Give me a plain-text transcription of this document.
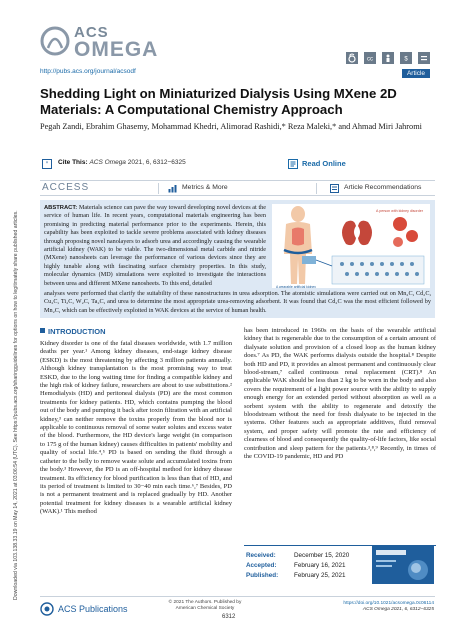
ACS
OMEGA	cc	$
http://pubs.acs.org/journal/acsodf	Article
Downloaded via 103.138.33.19 on May 14, 2021 at 03:06:54 (UTC). See https://pubs.acs.org/sharingguidelines for options on how to legitimately share published articles.
Shedding Light on Miniaturized Dialysis Using MXene 2D Materials: A Computational Chemistry Approach
Pegah Zandi, Ebrahim Ghasemy, Mohammad Khedri, Alimorad Rashidi,* Reza Maleki,* and Ahmad Miri Jahromi
" Cite This: ACS Omega 2021, 6, 6312−6325	Read Online
ACCESS	Metrics & More	Article Recommendations
ABSTRACT: Materials science can pave the way toward developing novel devices at the service of human life. In recent years, computational materials engineering has been promising in predicting material performance prior to the experiments. Herein, this capability has been exploited to tackle severe problems associated with kidney diseases through proposing novel nanolayers to adsorb urea and accordingly causing the wearable artificial kidney (WAK) to be viable. The two-dimensional metal carbide and nitride (MXene) nanosheets can leverage the performance of various devices since they are highly tunable along with fascinating surface chemistry properties. In this study, molecular dynamics (MD) simulations were exploited to investigate the interactions between urea and different MXene nanosheets. To this end, detailed
A person with kidney disorder
A wearable artificial kidney
analyses were performed that clarify the suitability of these nanostructures in urea adsorption. The atomistic simulations were carried out on Mn₂C, Cd₂C, Cu₂C, Ti₂C, W₂C, Ta₂C, and urea to determine the most appropriate urea-removing adsorbent. It was found that Cd₂C was the most efficient followed by Mn₂C, which can be effectively exploited in WAK devices at the service of human health.
INTRODUCTION
Kidney disorder is one of the fatal diseases worldwide, with 1.7 million deaths per year.¹ Among kidney diseases, end-stage kidney disease (ESKD) is the most threatening by affecting 3 million patients annually. Although kidney transplantation is the most promising way to treat ESKD, due to the long waiting time for finding a compatible kidney and the high risk of kidney failure, researchers are about to use substitutions.² Hemodialysis (HD) and peritoneal dialysis (PD) are the most common treatments for kidney patients. HD, which contains pumping the blood out of the body and pumping it back after toxin filtration with an artificial kidney,³ can neither remove the toxins properly from the blood nor is applicable to continuous removal of some water solutes and excess water of the blood. Furthermore, the HD device's large weight (in comparison to 175 g of the human kidney) causes difficulties in patients' mobility and quality of social life.⁴,⁵ PD is based on sending the fluid through a catheter to the belly to remove waste solute and accumulated toxins from the body.³ However, the PD is an off-hospital method for kidney disease treatment. Its efficiency for blood purification is less than that of HD, and its period of treatment is limited to 30−40 min each time.⁶,⁷ Besides, PD is not a permanent treatment and is replaced gradually by HD. Another potential treatment for kidney diseases is a wearable artificial kidney (WAK).¹ This method
has been introduced in 1960s on the basis of the wearable artificial kidney that is regenerable due to the consumption of a certain amount of dialysate solution and provision of a closed loop as the human kidney does.⁷ As PD, the WAK performs dialysis outside the hospital.⁸ Despite both HD and PD, it provides an almost permanent and continuously clear blood-stream,⁷ called continuous renal replacement (CRT).⁸ An applicable WAK should be less than 2 kg to be worn in the body and also covers the requirement of a light power source with the ability to supply enough energy for an extended period without absorption as well as a sorbent system with the ability to regenerate and detoxify the bloodstream without the need for fresh dialysate to be injected in the systems. Other features such as appropriate additives, fluid removal system, and proper safety will promote the rate and efficiency of clearness of blood and consequently the quality-of-life factors, like social contribution and sleep pattern for the patients.³,⁸,⁹ Recently, in times of the COVID-19 pandemic, HD and PD
Received:	December 15, 2020
Accepted:	February 16, 2021
Published:	February 25, 2021
ACS Publications
© 2021 The Authors. Published by
American Chemical Society
6312
https://doi.org/10.1021/acsomega.0c06114
ACS Omega 2021, 6, 6312−6325
